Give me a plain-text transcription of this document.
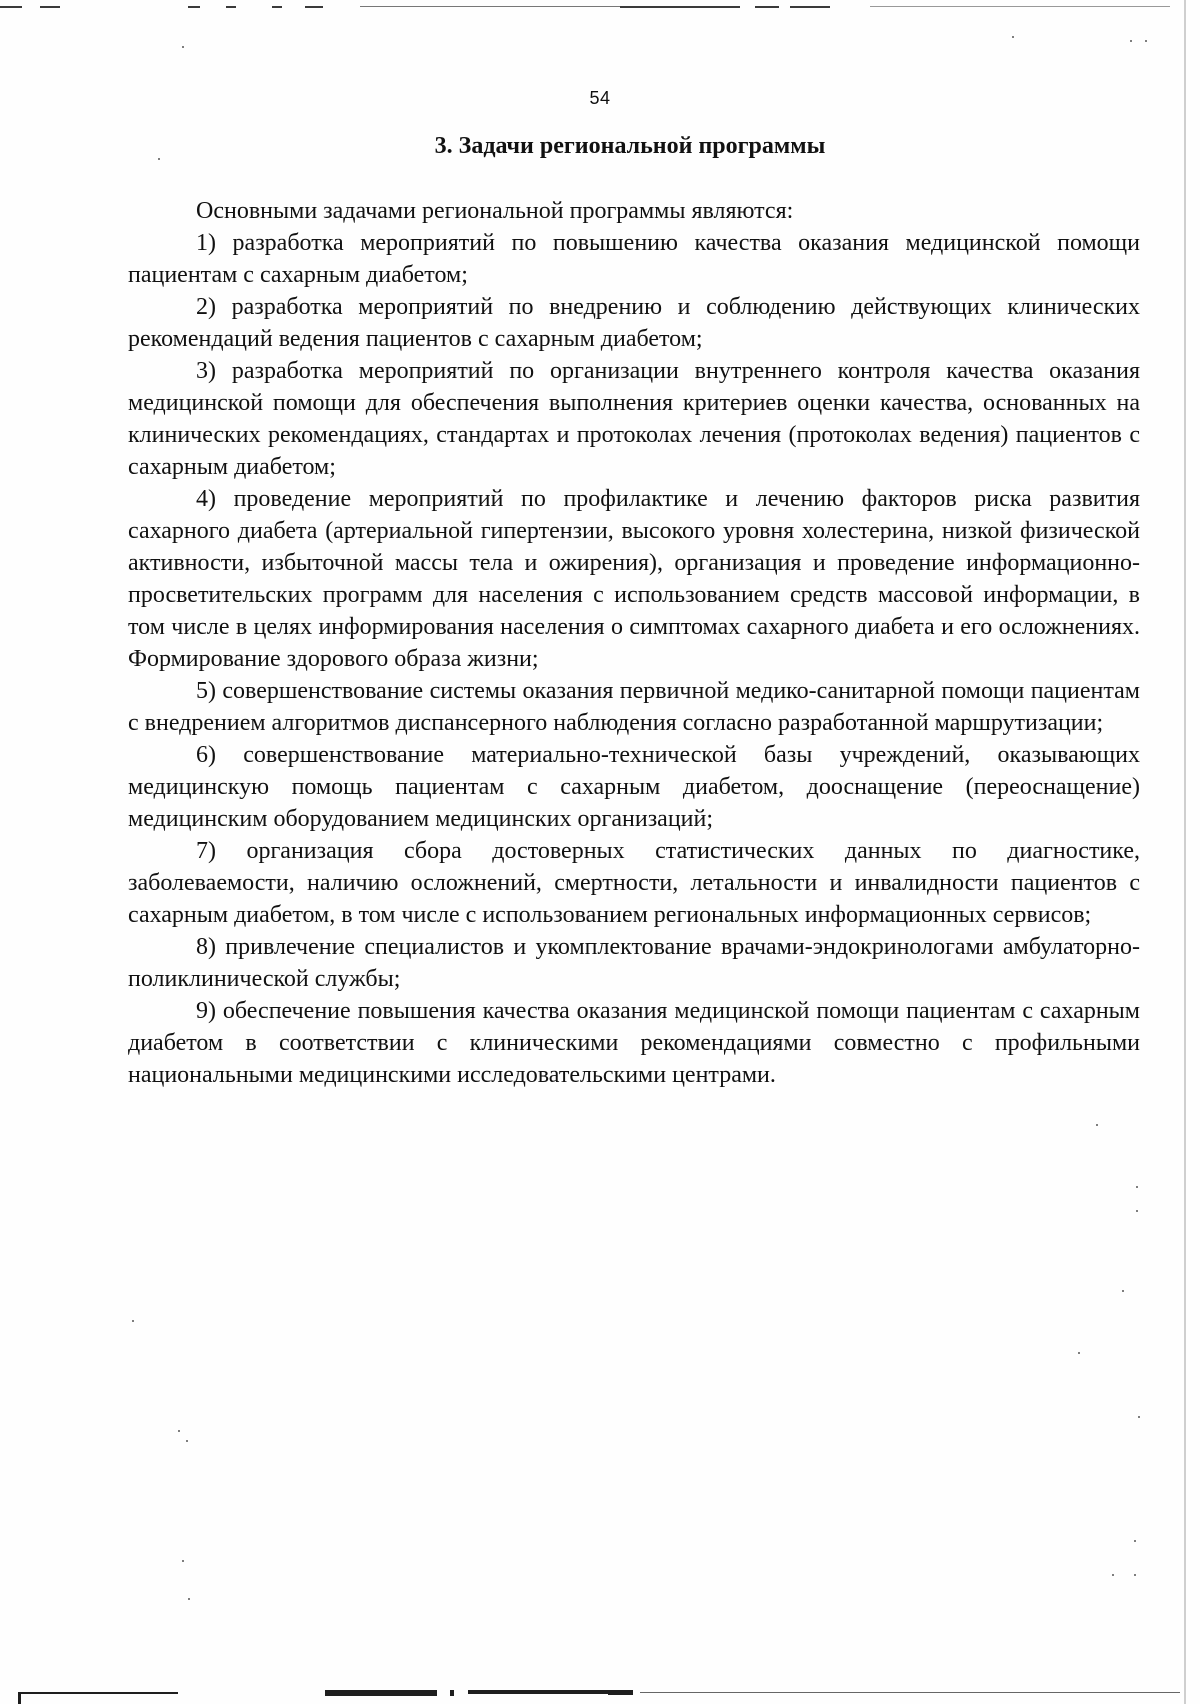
54
3. Задачи региональной программы

Основными задачами региональной программы являются:

1) разработка мероприятий по повышению качества оказания медицинской помощи пациентам с сахарным диабетом;

2) разработка мероприятий по внедрению и соблюдению действующих клинических рекомендаций ведения пациентов с сахарным диабетом;

3) разработка мероприятий по организации внутреннего контроля качества оказания медицинской помощи для обеспечения выполнения критериев оценки качества, основанных на клинических рекомендациях, стандартах и протоколах лечения (протоколах ведения) пациентов с сахарным диабетом;

4) проведение мероприятий по профилактике и лечению факторов риска развития сахарного диабета (артериальной гипертензии, высокого уровня холестерина, низкой физической активности, избыточной массы тела и ожирения), организация и проведение информационно-просветительских программ для населения с использованием средств массовой информации, в том числе в целях информирования населения о симптомах сахарного диабета и его осложнениях. Формирование здорового образа жизни;

5) совершенствование системы оказания первичной медико-санитарной помощи пациентам с внедрением алгоритмов диспансерного наблюдения согласно разработанной маршрутизации;

6) совершенствование материально-технической базы учреждений, оказывающих медицинскую помощь пациентам с сахарным диабетом, дооснащение (переоснащение) медицинским оборудованием медицинских организаций;

7) организация сбора достоверных статистических данных по диагностике, заболеваемости, наличию осложнений, смертности, летальности и инвалидности пациентов с сахарным диабетом, в том числе с использованием региональных информационных сервисов;

8) привлечение специалистов и укомплектование врачами-эндокринологами амбулаторно-поликлинической службы;

9) обеспечение повышения качества оказания медицинской помощи пациентам с сахарным диабетом в соответствии с клиническими рекомендациями совместно с профильными национальными медицинскими исследовательскими центрами.
